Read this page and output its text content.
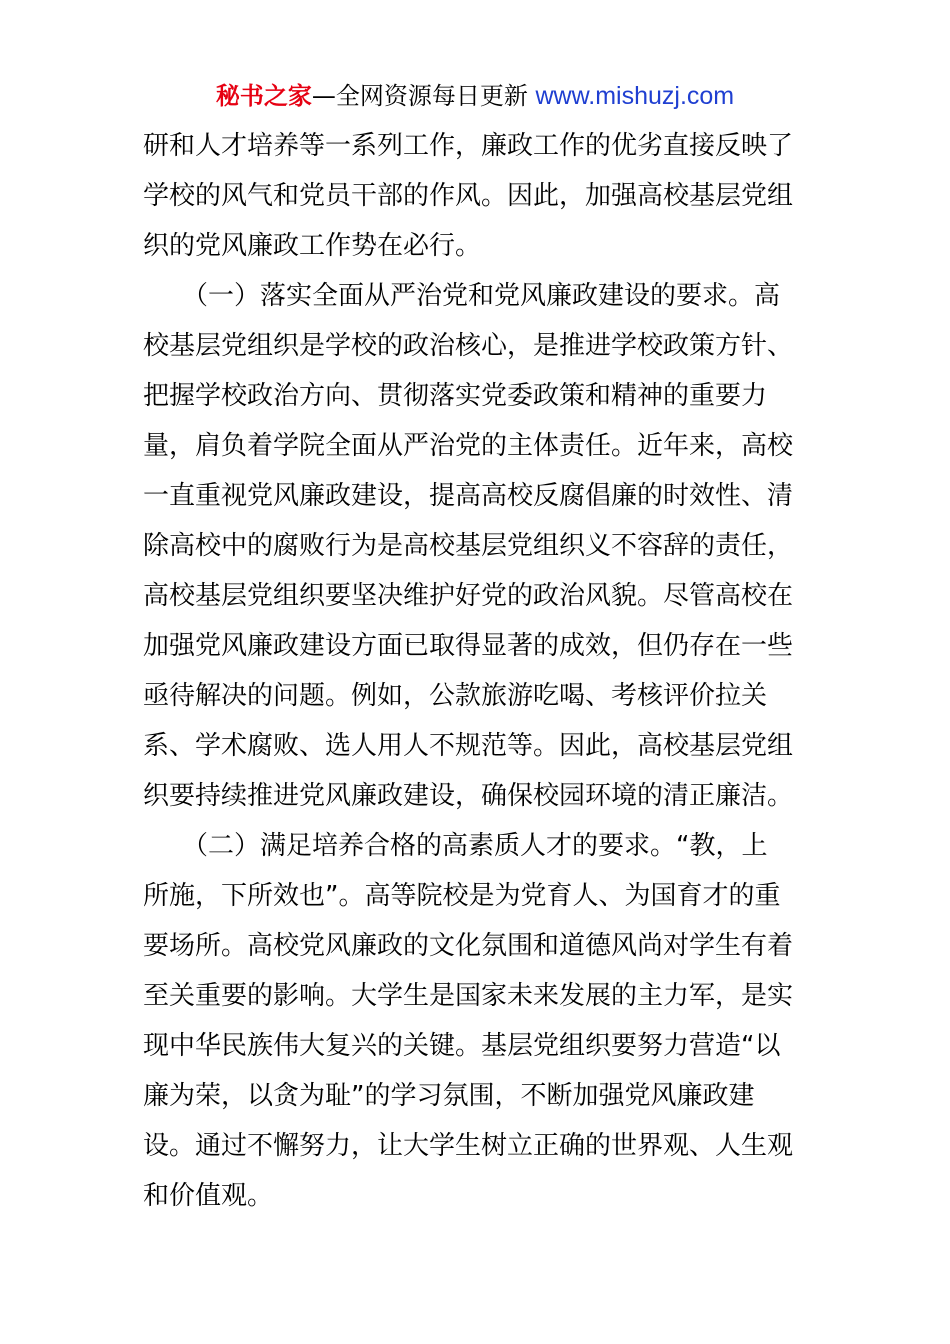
秘书之家—全网资源每日更新 www.mishuzj.com
研和人才培养等一系列工作，廉政工作的优劣直接反映了
学校的风气和党员干部的作风。因此，加强高校基层党组
织的党风廉政工作势在必行。
　　（一）落实全面从严治党和党风廉政建设的要求。高
校基层党组织是学校的政治核心，是推进学校政策方针、
把握学校政治方向、贯彻落实党委政策和精神的重要力
量，肩负着学院全面从严治党的主体责任。近年来，高校
一直重视党风廉政建设，提高高校反腐倡廉的时效性、清
除高校中的腐败行为是高校基层党组织义不容辞的责任，
高校基层党组织要坚决维护好党的政治风貌。尽管高校在
加强党风廉政建设方面已取得显著的成效，但仍存在一些
亟待解决的问题。例如，公款旅游吃喝、考核评价拉关
系、学术腐败、选人用人不规范等。因此，高校基层党组
织要持续推进党风廉政建设，确保校园环境的清正廉洁。
　　（二）满足培养合格的高素质人才的要求。“教，上
所施，下所效也”。高等院校是为党育人、为国育才的重
要场所。高校党风廉政的文化氛围和道德风尚对学生有着
至关重要的影响。大学生是国家未来发展的主力军，是实
现中华民族伟大复兴的关键。基层党组织要努力营造“以
廉为荣，以贪为耻”的学习氛围，不断加强党风廉政建
设。通过不懈努力，让大学生树立正确的世界观、人生观
和价值观。
